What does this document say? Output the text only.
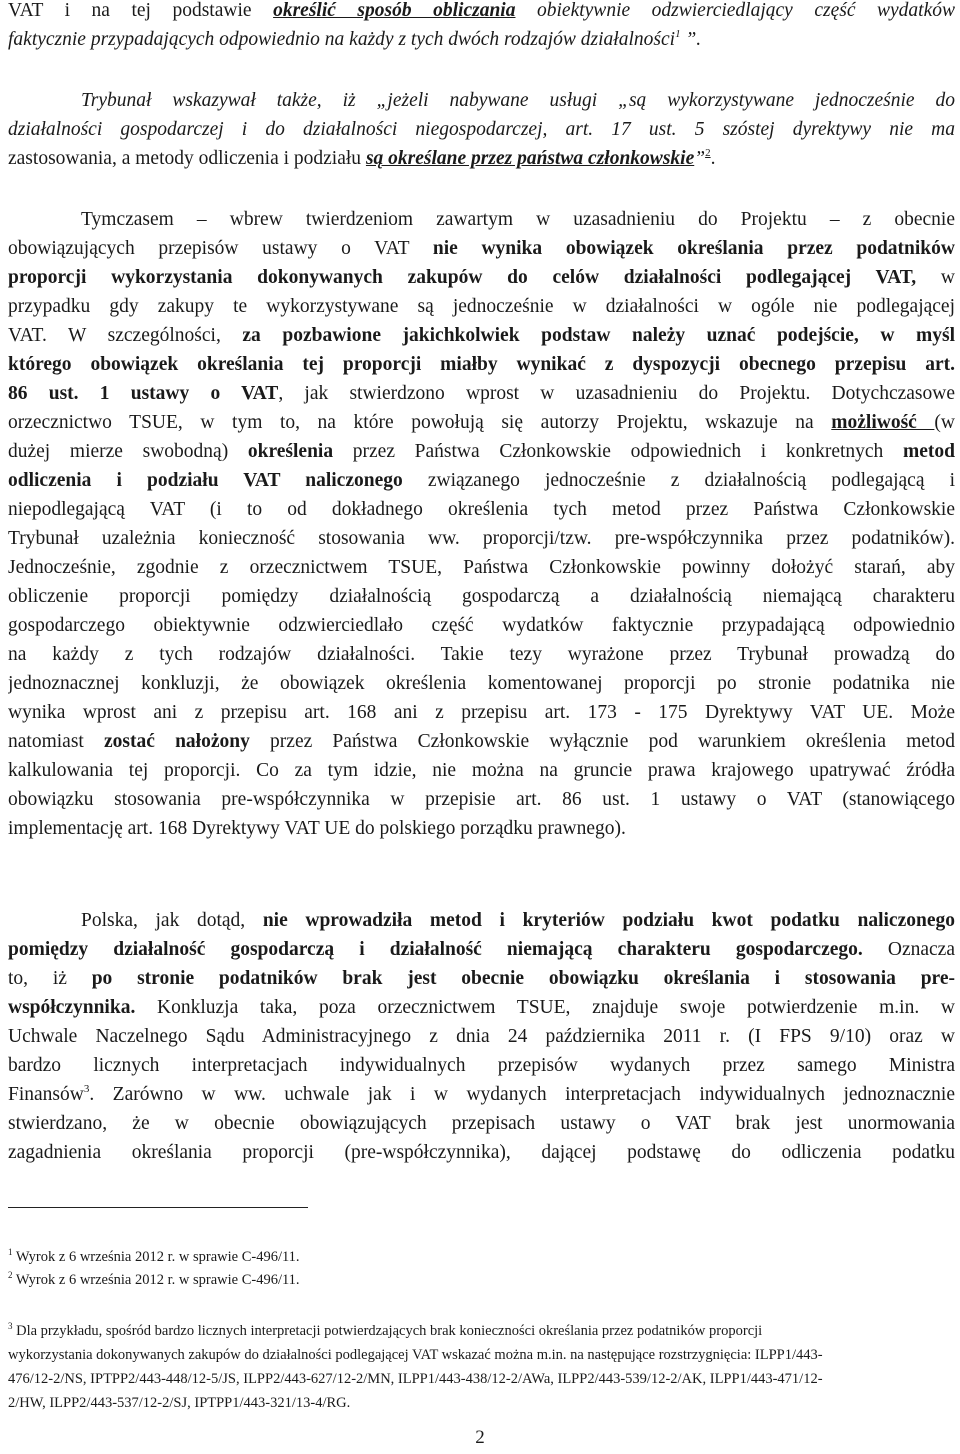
VAT i na tej podstawie określić sposób obliczania obiektywnie odzwierciedlający część wydatków
faktycznie przypadających odpowiednio na każdy z tych dwóch rodzajów działalności$^1$ ”.
Trybunał wskazywał także, iż „jeżeli nabywane usługi „są wykorzystywane jednocześnie do
działalności gospodarczej i do działalności niegospodarczej, art. 17 ust. 5 szóstej dyrektywy nie ma
zastosowania, a metody odliczenia i podziału są określane przez państwa członkowskie”$^2$.
Tymczasem – wbrew twierdzeniom zawartym w uzasadnieniu do Projektu – z obecnie
obowiązujących przepisów ustawy o VAT nie wynika obowiązek określania przez podatników
proporcji wykorzystania dokonywanych zakupów do celów działalności podlegającej VAT, w
przypadku gdy zakupy te wykorzystywane są jednocześnie w działalności w ogóle nie podlegającej
VAT. W szczególności, za pozbawione jakichkolwiek podstaw należy uznać podejście, w myśl
którego obowiązek określania tej proporcji miałby wynikać z dyspozycji obecnego przepisu art.
86 ust. 1 ustawy o VAT, jak stwierdzono wprost w uzasadnieniu do Projektu. Dotychczasowe
orzecznictwo TSUE, w tym to, na które powołują się autorzy Projektu, wskazuje na możliwość (w
dużej mierze swobodną) określenia przez Państwa Członkowskie odpowiednich i konkretnych metod
odliczenia i podziału VAT naliczonego związanego jednocześnie z działalnością podlegającą i
niepodlegającą VAT (i to od dokładnego określenia tych metod przez Państwa Członkowskie
Trybunał uzależnia konieczność stosowania ww. proporcji/tzw. pre-współczynnika przez podatników).
Jednocześnie, zgodnie z orzecznictwem TSUE, Państwa Członkowskie powinny dołożyć starań, aby
obliczenie proporcji pomiędzy działalnością gospodarczą a działalnością niemającą charakteru
gospodarczego obiektywnie odzwierciedlało część wydatków faktycznie przypadającą odpowiednio
na każdy z tych rodzajów działalności. Takie tezy wyrażone przez Trybunał prowadzą do
jednoznacznej konkluzji, że obowiązek określenia komentowanej proporcji po stronie podatnika nie
wynika wprost ani z przepisu art. 168 ani z przepisu art. 173 - 175 Dyrektywy VAT UE. Może
natomiast zostać nałożony przez Państwa Członkowskie wyłącznie pod warunkiem określenia metod
kalkulowania tej proporcji. Co za tym idzie, nie można na gruncie prawa krajowego upatrywać źródła
obowiązku stosowania pre-współczynnika w przepisie art. 86 ust. 1 ustawy o VAT (stanowiącego
implementację art. 168 Dyrektywy VAT UE do polskiego porządku prawnego).
Polska, jak dotąd, nie wprowadziła metod i kryteriów podziału kwot podatku naliczonego
pomiędzy działalność gospodarczą i działalność niemającą charakteru gospodarczego. Oznacza
to, iż po stronie podatników brak jest obecnie obowiązku określania i stosowania pre-
współczynnika. Konkluzja taka, poza orzecznictwem TSUE, znajduje swoje potwierdzenie m.in. w
Uchwale Naczelnego Sądu Administracyjnego z dnia 24 października 2011 r. (I FPS 9/10) oraz w
bardzo licznych interpretacjach indywidualnych przepisów wydanych przez samego Ministra
Finansów$^3$. Zarówno w ww. uchwale jak i w wydanych interpretacjach indywidualnych jednoznacznie
stwierdzano, że w obecnie obowiązujących przepisach ustawy o VAT brak jest unormowania
zagadnienia określania proporcji (pre-współczynnika), dającej podstawę do odliczenia podatku
$^1$ Wyrok z 6 września 2012 r. w sprawie C‑496/11.
$^2$ Wyrok z 6 września 2012 r. w sprawie C‑496/11.
$^3$ Dla przykładu, spośród bardzo licznych interpretacji potwierdzających brak konieczności określania przez podatników proporcji
wykorzystania dokonywanych zakupów do działalności podlegającej VAT wskazać można m.in. na następujące rozstrzygnięcia: ILPP1/443-
476/12-2/NS, IPTPP2/443-448/12-5/JS, ILPP2/443-627/12-2/MN, ILPP1/443-438/12-2/AWa, ILPP2/443-539/12-2/AK, ILPP1/443-471/12-
2/HW, ILPP2/443-537/12-2/SJ, IPTPP1/443-321/13-4/RG.
2
